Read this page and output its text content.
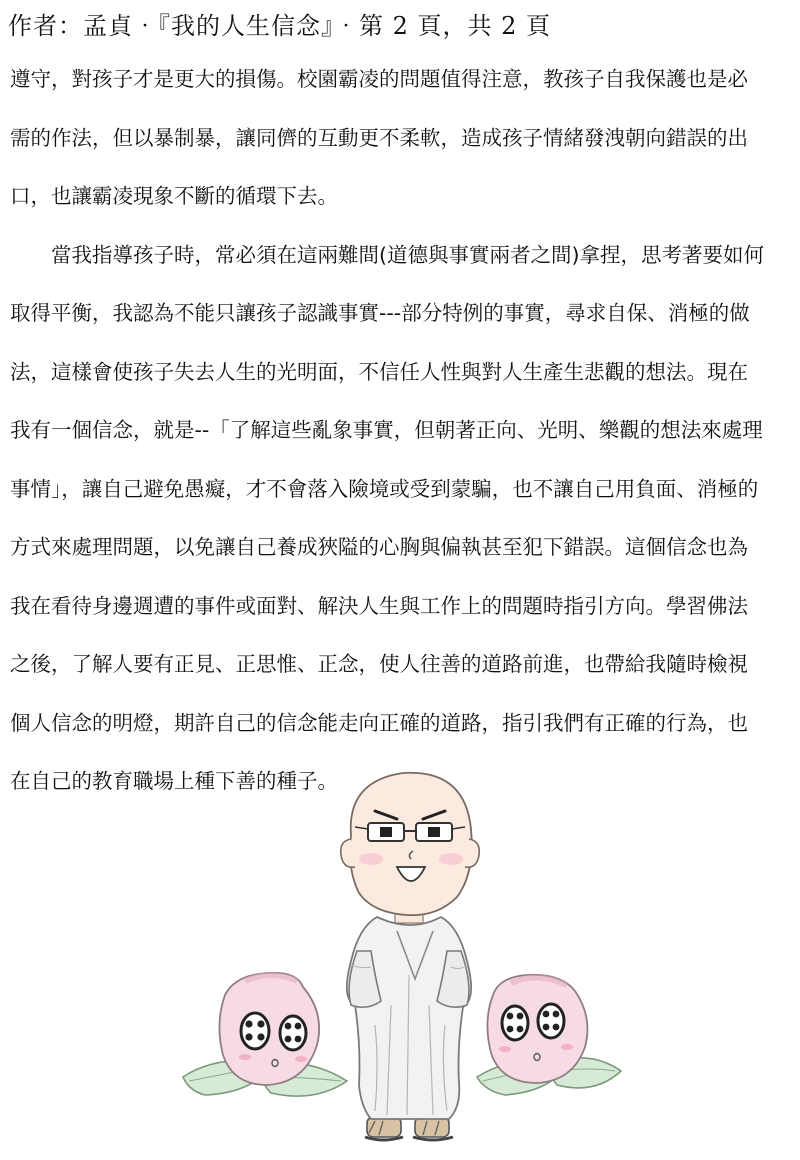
作者：孟貞‧『我的人生信念』‧第 2 頁，共 2 頁
遵守，對孩子才是更大的損傷。校園霸凌的問題值得注意，教孩子自我保護也是必
需的作法，但以暴制暴，讓同儕的互動更不柔軟，造成孩子情緒發洩朝向錯誤的出
口，也讓霸凌現象不斷的循環下去。
　　當我指導孩子時，常必須在這兩難間(道德與事實兩者之間)拿捏，思考著要如何
取得平衡，我認為不能只讓孩子認識事實---部分特例的事實，尋求自保、消極的做
法，這樣會使孩子失去人生的光明面，不信任人性與對人生產生悲觀的想法。現在
我有一個信念，就是--「了解這些亂象事實，但朝著正向、光明、樂觀的想法來處理
事情」，讓自己避免愚癡，才不會落入險境或受到蒙騙，也不讓自己用負面、消極的
方式來處理問題，以免讓自己養成狹隘的心胸與偏執甚至犯下錯誤。這個信念也為
我在看待身邊週遭的事件或面對、解決人生與工作上的問題時指引方向。學習佛法
之後，了解人要有正見、正思惟、正念，使人往善的道路前進，也帶給我隨時檢視
個人信念的明燈，期許自己的信念能走向正確的道路，指引我們有正確的行為，也
在自己的教育職場上種下善的種子。
